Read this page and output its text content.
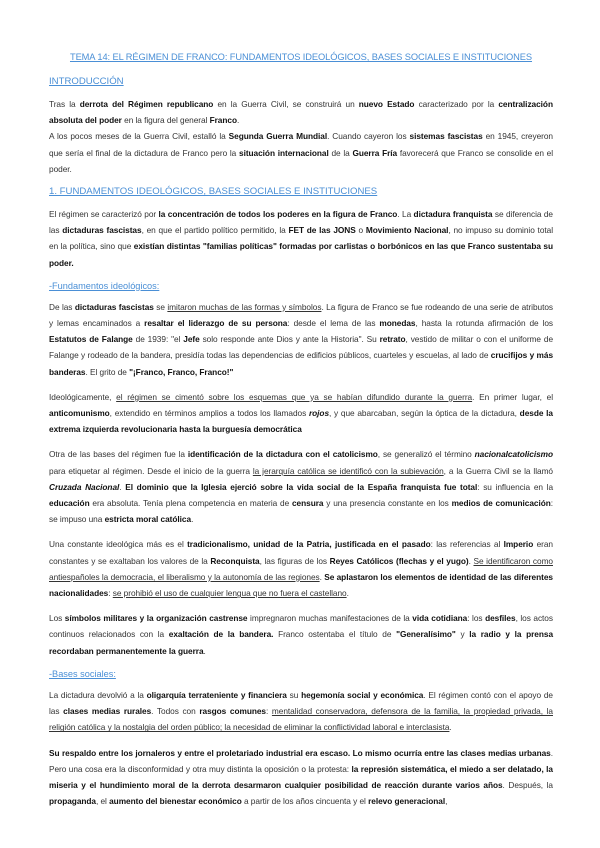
TEMA 14: EL RÉGIMEN DE FRANCO: FUNDAMENTOS IDEOLÓGICOS, BASES SOCIALES E INSTITUCIONES
INTRODUCCIÓN

Tras la derrota del Régimen republicano en la Guerra Civil, se construirá un nuevo Estado caracterizado por la centralización absoluta del poder en la figura del general Franco.

A los pocos meses de la Guerra Civil, estalló la Segunda Guerra Mundial. Cuando cayeron los sistemas fascistas en 1945, creyeron que sería el final de la dictadura de Franco pero la situación internacional de la Guerra Fría favorecerá que Franco se consolide en el poder.

1. FUNDAMENTOS IDEOLÓGICOS, BASES SOCIALES E INSTITUCIONES

El régimen se caracterizó por la concentración de todos los poderes en la figura de Franco. La dictadura franquista se diferencia de las dictaduras fascistas, en que el partido político permitido, la FET de las JONS o Movimiento Nacional, no impuso su dominio total en la política, sino que existían distintas "familias políticas" formadas por carlistas o borbónicos en las que Franco sustentaba su poder.

-Fundamentos ideológicos:

De las dictaduras fascistas se imitaron muchas de las formas y símbolos. La figura de Franco se fue rodeando de una serie de atributos y lemas encaminados a resaltar el liderazgo de su persona: desde el lema de las monedas, hasta la rotunda afirmación de los Estatutos de Falange de 1939: "el Jefe solo responde ante Dios y ante la Historia". Su retrato, vestido de militar o con el uniforme de Falange y rodeado de la bandera, presidía todas las dependencias de edificios públicos, cuarteles y escuelas, al lado de crucifijos y más banderas. El grito de "¡Franco, Franco, Franco!"

Ideológicamente, el régimen se cimentó sobre los esquemas que ya se habían difundido durante la guerra. En primer lugar, el anticomunismo, extendido en términos amplios a todos los llamados rojos, y que abarcaban, según la óptica de la dictadura, desde la extrema izquierda revolucionaria hasta la burguesía democrática

Otra de las bases del régimen fue la identificación de la dictadura con el catolicismo, se generalizó el término nacionalcatolicismo para etiquetar al régimen. Desde el inicio de la guerra la jerarquía católica se identificó con la subievación, a la Guerra Civil se la llamó Cruzada Nacional. El dominio que la Iglesia ejerció sobre la vida social de la España franquista fue total: su influencia en la educación era absoluta. Tenía plena competencia en materia de censura y una presencia constante en los medios de comunicación: se impuso una estricta moral católica.

Una constante ideológica más es el tradicionalismo, unidad de la Patria, justificada en el pasado: las referencias al Imperio eran constantes y se exaltaban los valores de la Reconquista, las figuras de los Reyes Católicos (flechas y el yugo). Se identificaron como antiespañoles la democracia, el liberalismo y la autonomía de las regiones. Se aplastaron los elementos de identidad de las diferentes nacionalidades: se prohibió el uso de cualquier lengua que no fuera el castellano.

Los símbolos militares y la organización castrense impregnaron muchas manifestaciones de la vida cotidiana: los desfiles, los actos continuos relacionados con la exaltación de la bandera. Franco ostentaba el título de "Generalísimo" y la radio y la prensa recordaban permanentemente la guerra.

-Bases sociales:

La dictadura devolvió a la oligarquía terrateniente y financiera su hegemonía social y económica. El régimen contó con el apoyo de las clases medias rurales. Todos con rasgos comunes: mentalidad conservadora, defensora de la familia, la propiedad privada, la religión católica y la nostalgia del orden público; la necesidad de eliminar la conflictividad laboral e interclasista.

Su respaldo entre los jornaleros y entre el proletariado industrial era escaso. Lo mismo ocurría entre las clases medias urbanas. Pero una cosa era la disconformidad y otra muy distinta la oposición o la protesta: la represión sistemática, el miedo a ser delatado, la miseria y el hundimiento moral de la derrota desarmaron cualquier posibilidad de reacción durante varios años. Después, la propaganda, el aumento del bienestar económico a partir de los años cincuenta y el relevo generacional,
